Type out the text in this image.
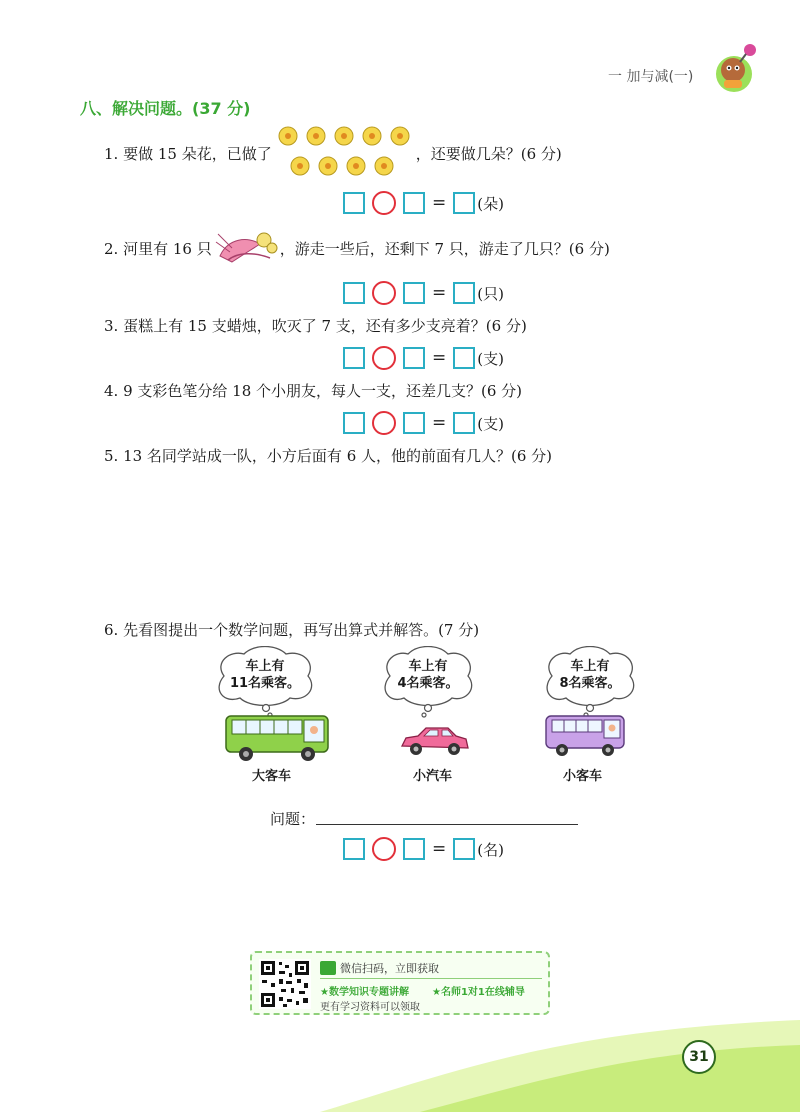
一 加与减(一)
八、解决问题。(37 分)
1. 要做 15 朵花，已做了	，还要做几朵？(6 分)
= (朵)
2. 河里有 16 只	，游走一些后，还剩下 7 只，游走了几只？(6 分)
= (只)
3. 蛋糕上有 15 支蜡烛，吹灭了 7 支，还有多少支亮着？(6 分)
= (支)
4. 9 支彩色笔分给 18 个小朋友，每人一支，还差几支？(6 分)
= (支)
5. 13 名同学站成一队，小方后面有 6 人，他的前面有几人？(6 分)
6. 先看图提出一个数学问题，再写出算式并解答。(7 分)
车上有
11名乘客。
大客车
车上有
4名乘客。
小汽车
车上有
8名乘客。
小客车
问题：
= (名)
微信扫码，立即获取
★数学知识专题讲解 ★名师1对1在线辅导
更有学习资料可以领取
31
